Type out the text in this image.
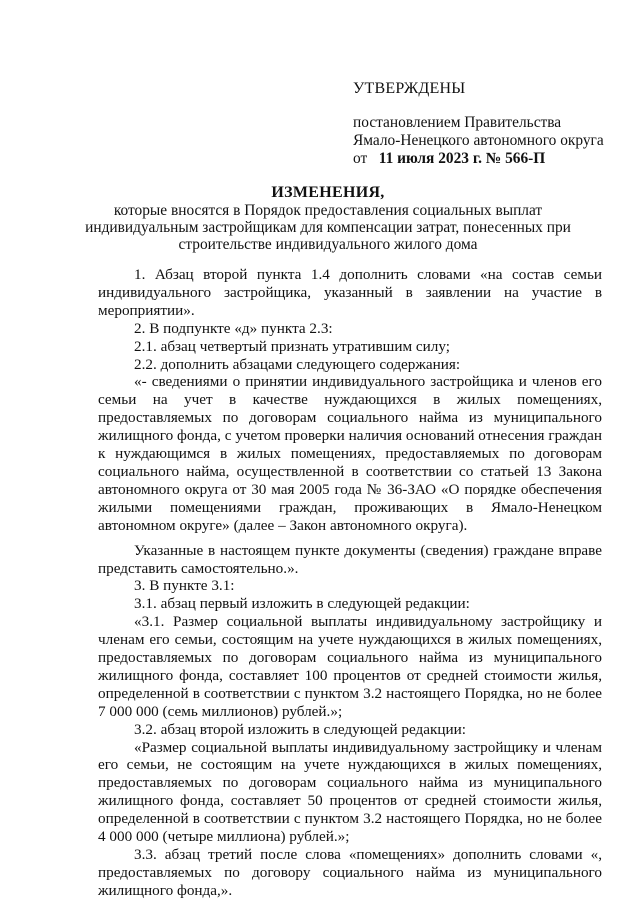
УТВЕРЖДЕНЫ
постановлением Правительства
Ямало-Ненецкого автономного округа
от 11 июля 2023 г. № 566-П
ИЗМЕНЕНИЯ,
которые вносятся в Порядок предоставления социальных выплат индивидуальным застройщикам для компенсации затрат, понесенных при строительстве индивидуального жилого дома

1. Абзац второй пункта 1.4 дополнить словами «на состав семьи индивидуального застройщика, указанный в заявлении на участие в мероприятии».

2. В подпункте «д» пункта 2.3:

2.1. абзац четвертый признать утратившим силу;

2.2. дополнить абзацами следующего содержания:

«- сведениями о принятии индивидуального застройщика и членов его семьи на учет в качестве нуждающихся в жилых помещениях, предоставляемых по договорам социального найма из муниципального жилищного фонда, с учетом проверки наличия оснований отнесения граждан к нуждающимся в жилых помещениях, предоставляемых по договорам социального найма, осуществленной в соответствии со статьей 13 Закона автономного округа от 30 мая 2005 года № 36-ЗАО «О порядке обеспечения жилыми помещениями граждан, проживающих в Ямало-Ненецком автономном округе» (далее – Закон автономного округа).

Указанные в настоящем пункте документы (сведения) граждане вправе представить самостоятельно.».

3. В пункте 3.1:

3.1. абзац первый изложить в следующей редакции:

«3.1. Размер социальной выплаты индивидуальному застройщику и членам его семьи, состоящим на учете нуждающихся в жилых помещениях, предоставляемых по договорам социального найма из муниципального жилищного фонда, составляет 100 процентов от средней стоимости жилья, определенной в соответствии с пунктом 3.2 настоящего Порядка, но не более 7 000 000 (семь миллионов) рублей.»;

3.2. абзац второй изложить в следующей редакции:

«Размер социальной выплаты индивидуальному застройщику и членам его семьи, не состоящим на учете нуждающихся в жилых помещениях, предоставляемых по договорам социального найма из муниципального жилищного фонда, составляет 50 процентов от средней стоимости жилья, определенной в соответствии с пунктом 3.2 настоящего Порядка, но не более 4 000 000 (четыре миллиона) рублей.»;

3.3. абзац третий после слова «помещениях» дополнить словами «, предоставляемых по договору социального найма из муниципального жилищного фонда,».
